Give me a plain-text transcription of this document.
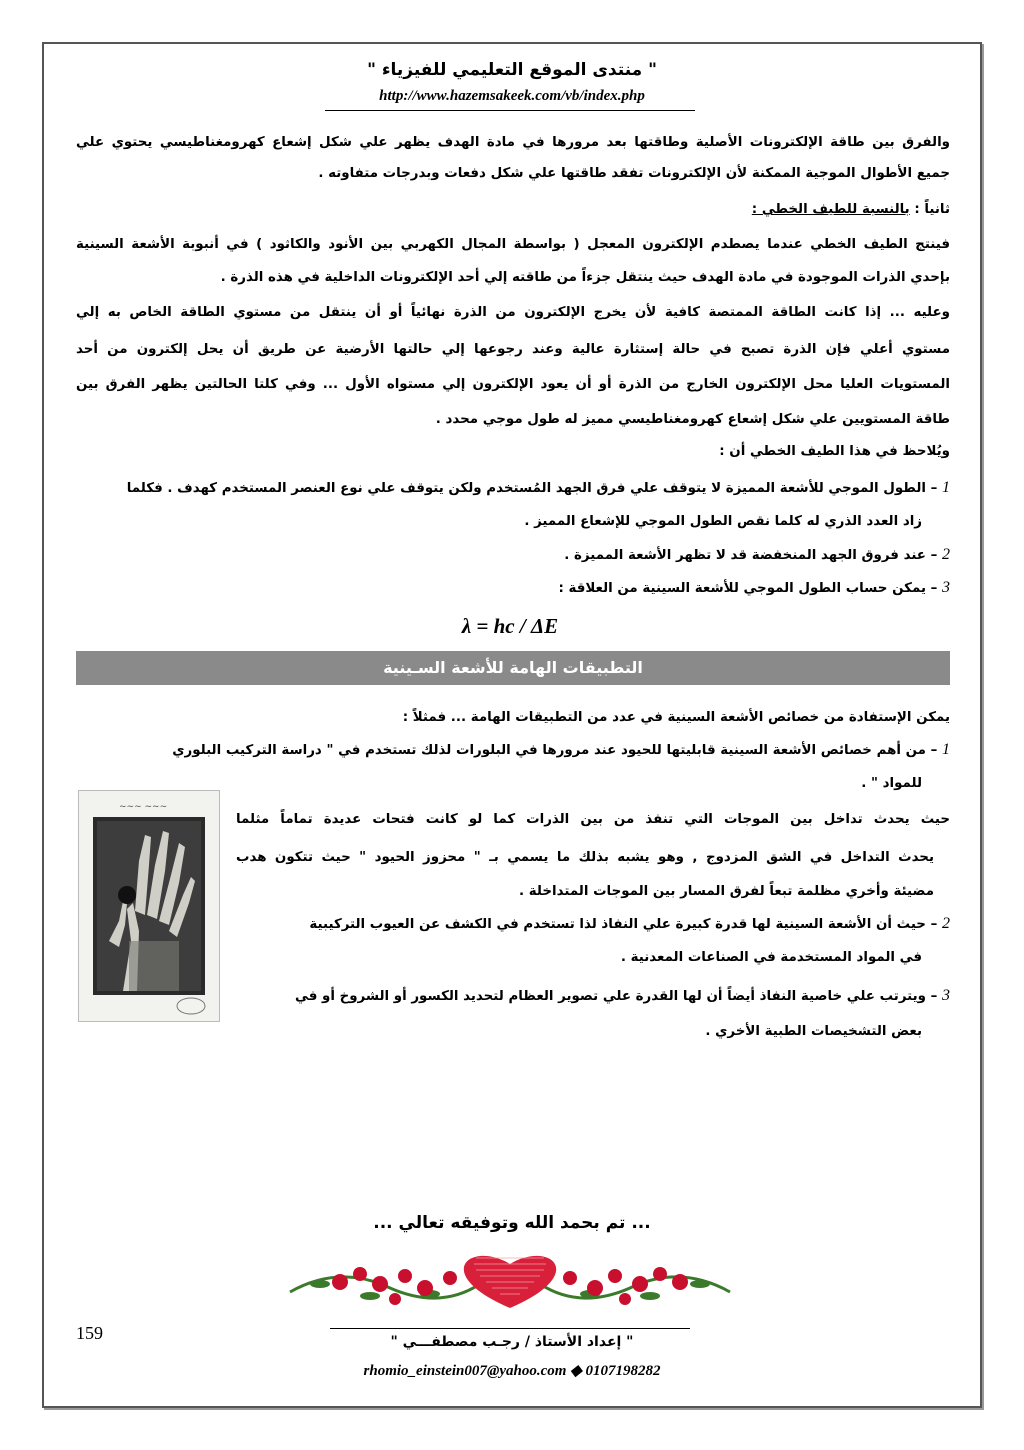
" منتدى الموقع التعليمي للفيزياء "
http://www.hazemsakeek.com/vb/index.php
والفرق بين طاقة الإلكترونات الأصلية وطاقتها بعد مرورها في مادة الهدف يظهر علي شكل إشعاع كهرومغناطيسي يحتوي علي
جميع الأطوال الموجية الممكنة لأن الإلكترونات تفقد طاقتها علي شكل دفعات وبدرجات متفاوته .
ثانياً : بالنسبة للطيف الخطي :
فينتج الطيف الخطي عندما يصطدم الإلكترون المعجل ( بواسطة المجال الكهربي بين الأنود والكاثود ) في أنبوبة الأشعة السينية
بإحدي الذرات الموجودة في مادة الهدف حيث ينتقل جزءاً من طاقته إلي أحد الإلكترونات الداخلية في هذه الذرة .
وعليه ... إذا كانت الطاقة الممتصة كافية لأن يخرج الإلكترون من الذرة نهائياً أو أن ينتقل من مستوي الطاقة الخاص به إلي
مستوي أعلي فإن الذرة تصبح في حالة إستثارة عالية وعند رجوعها إلي حالتها الأرضية عن طريق أن يحل إلكترون من أحد
المستويات العليا محل الإلكترون الخارج من الذرة أو أن يعود الإلكترون إلي مستواه الأول ... وفي كلتا الحالتين يظهر الفرق بين
طاقة المستويين علي شكل إشعاع كهرومغناطيسي مميز له طول موجي محدد .
ويُلاحظ في هذا الطيف الخطي أن :
1 – الطول الموجي للأشعة المميزة لا يتوقف علي فرق الجهد المُستخدم ولكن يتوقف علي نوع العنصر المستخدم كهدف . فكلما
زاد العدد الذري له كلما نقص الطول الموجي للإشعاع المميز .
2 – عند فروق الجهد المنخفضة قد لا تظهر الأشعة المميزة .
3 – يمكن حساب الطول الموجي للأشعة السينية من العلاقة :
λ = hc / ΔE
التطبيقات الهامة للأشعة السـينية
يمكن الإستفادة من خصائص الأشعة السينية في عدد من التطبيقات الهامة ... فمثلاً :
1 – من أهم خصائص الأشعة السينية قابليتها للحيود عند مرورها في البلورات لذلك تستخدم في " دراسة التركيب البلوري
للمواد " .
حيث يحدث تداخل بين الموجات التي تنفذ من بين الذرات كما لو كانت فتحات عديدة تماماً مثلما
يحدث التداخل في الشق المزدوج , وهو يشبه بذلك ما يسمي بـ " محزوز الحيود " حيث تتكون هدب
مضيئة وأخري مظلمة تبعاً لفرق المسار بين الموجات المتداخلة .
2 – حيث أن الأشعة السينية لها قدرة كبيرة علي النفاذ لذا تستخدم في الكشف عن العيوب التركيبية
في المواد المستخدمة في الصناعات المعدنية .
3 – ويترتب علي خاصية النفاذ أيضاً أن لها القدرة علي تصوير العظام لتحديد الكسور أو الشروخ أو في
بعض التشخيصات الطبية الأخري .
~~~ ~~~
... تم بحمد الله وتوفيقه تعالي ...
159	" إعداد الأستاذ / رجـب مصطفـــي "
rhomio_einstein007@yahoo.com ◆ 0107198282
